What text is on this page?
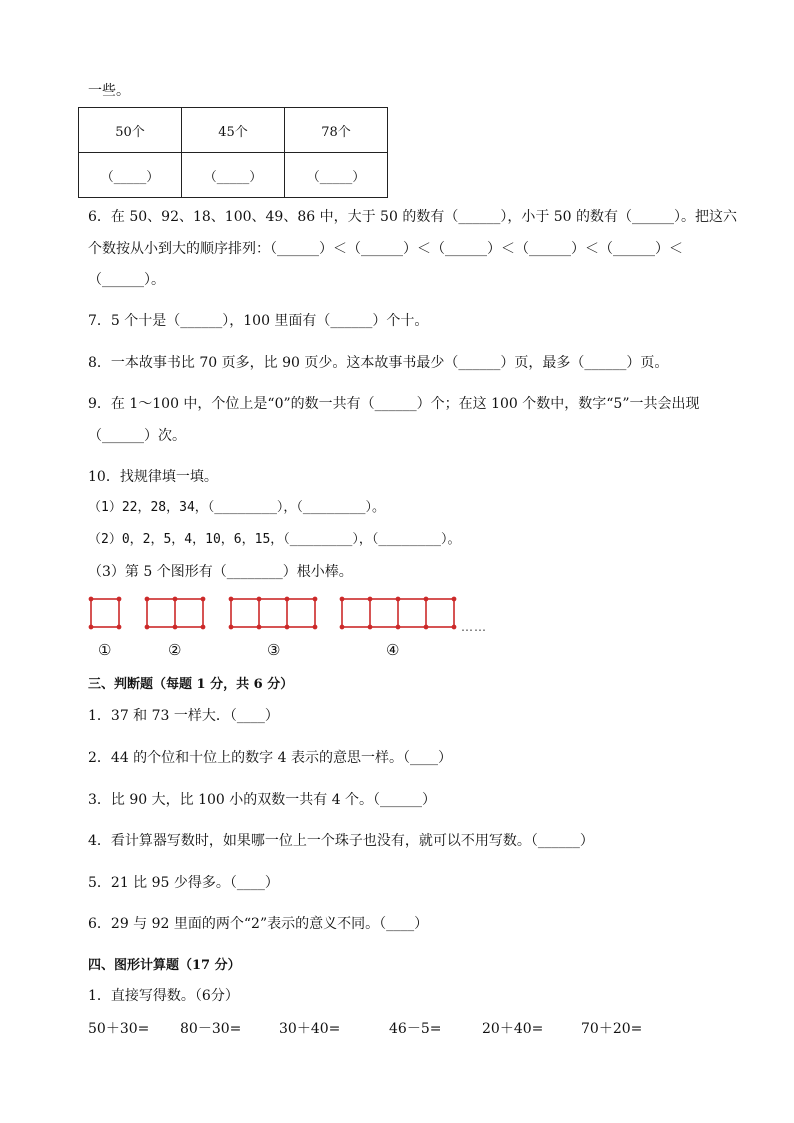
一些。
50个	45个	78个
（_____）	（_____）	（_____）
6．在 50、92、18、100、49、86 中，大于 50 的数有（______），小于 50 的数有（______）。把这六
个数按从小到大的顺序排列：（______）＜（______）＜（______）＜（______）＜（______）＜
（______）。
7．5 个十是（______），100 里面有（______）个十。
8．一本故事书比 70 页多，比 90 页少。这本故事书最少（______）页，最多（______）页。
9．在 1～100 中，个位上是“0”的数一共有（______）个；在这 100 个数中，数字“5”一共会出现
（______）次。
10．找规律填一填。
（1）22，28，34，（________），（________）。
（2）0，2，5，4，10，6，15，（________），（________）。
（3）第 5 个图形有（________）根小棒。
……
①	②	③	④
三、判断题（每题 1 分，共 6 分）
1．37 和 73 一样大．（____）
2．44 的个位和十位上的数字 4 表示的意思一样。（____）
3．比 90 大，比 100 小的双数一共有 4 个。（______）
4．看计算器写数时，如果哪一位上一个珠子也没有，就可以不用写数。（______）
5．21 比 95 少得多。（____）
6．29 与 92 里面的两个“2”表示的意义不同。（____）
四、图形计算题（17 分）
1．直接写得数。（6分）
50＋30= 80－30=	30＋40=	46－5=	20＋40=	70＋20=
